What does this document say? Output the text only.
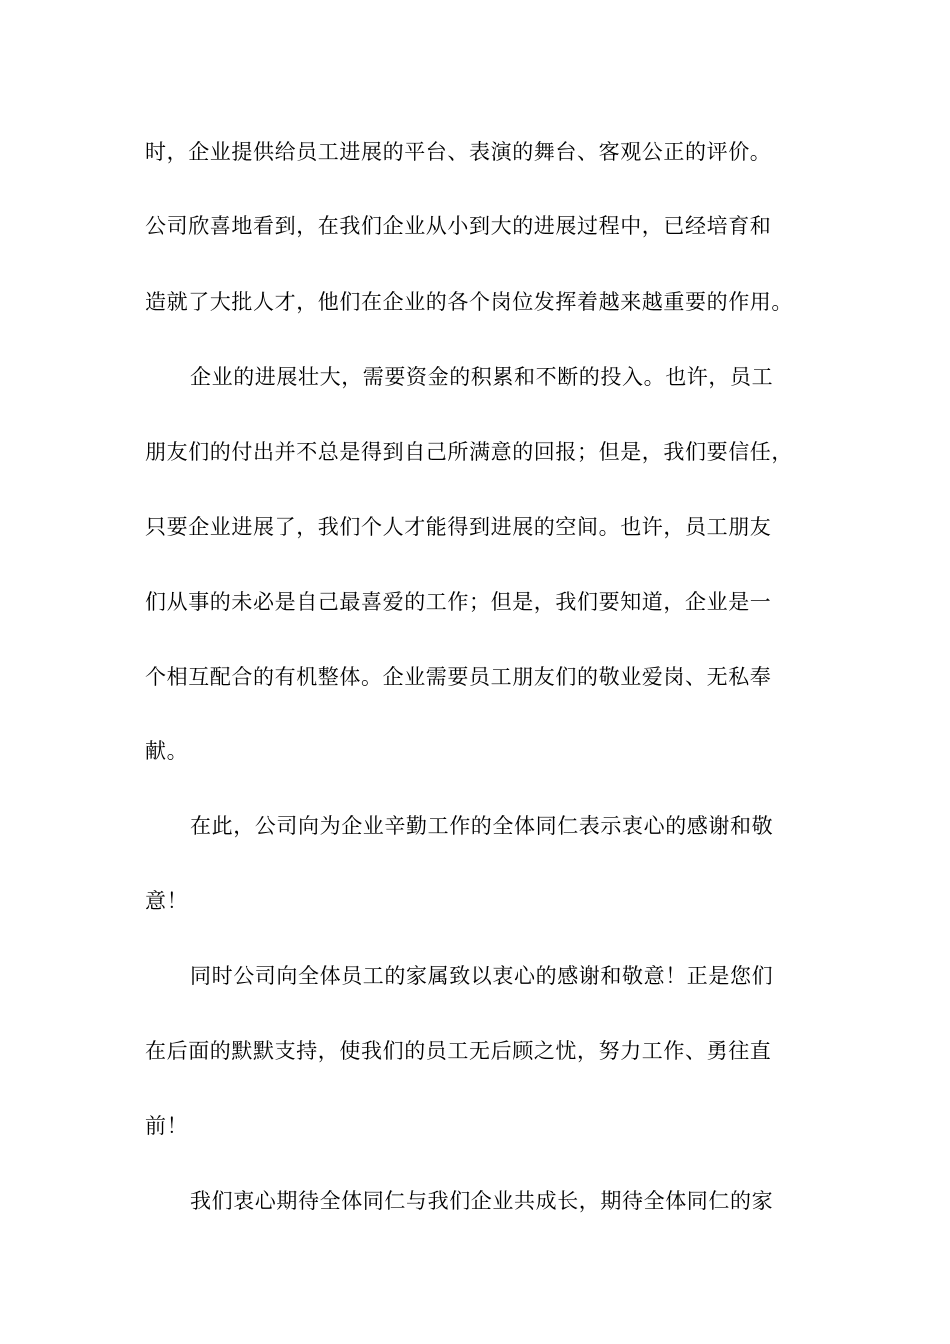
时，企业提供给员工进展的平台、表演的舞台、客观公正的评价。
公司欣喜地看到，在我们企业从小到大的进展过程中，已经培育和
造就了大批人才，他们在企业的各个岗位发挥着越来越重要的作用。
企业的进展壮大，需要资金的积累和不断的投入。也许，员工
朋友们的付出并不总是得到自己所满意的回报；但是，我们要信任，
只要企业进展了，我们个人才能得到进展的空间。也许，员工朋友
们从事的未必是自己最喜爱的工作；但是，我们要知道，企业是一
个相互配合的有机整体。企业需要员工朋友们的敬业爱岗、无私奉
献。
在此，公司向为企业辛勤工作的全体同仁表示衷心的感谢和敬
意！
同时公司向全体员工的家属致以衷心的感谢和敬意！正是您们
在后面的默默支持，使我们的员工无后顾之忧，努力工作、勇往直
前！
我们衷心期待全体同仁与我们企业共成长，期待全体同仁的家
